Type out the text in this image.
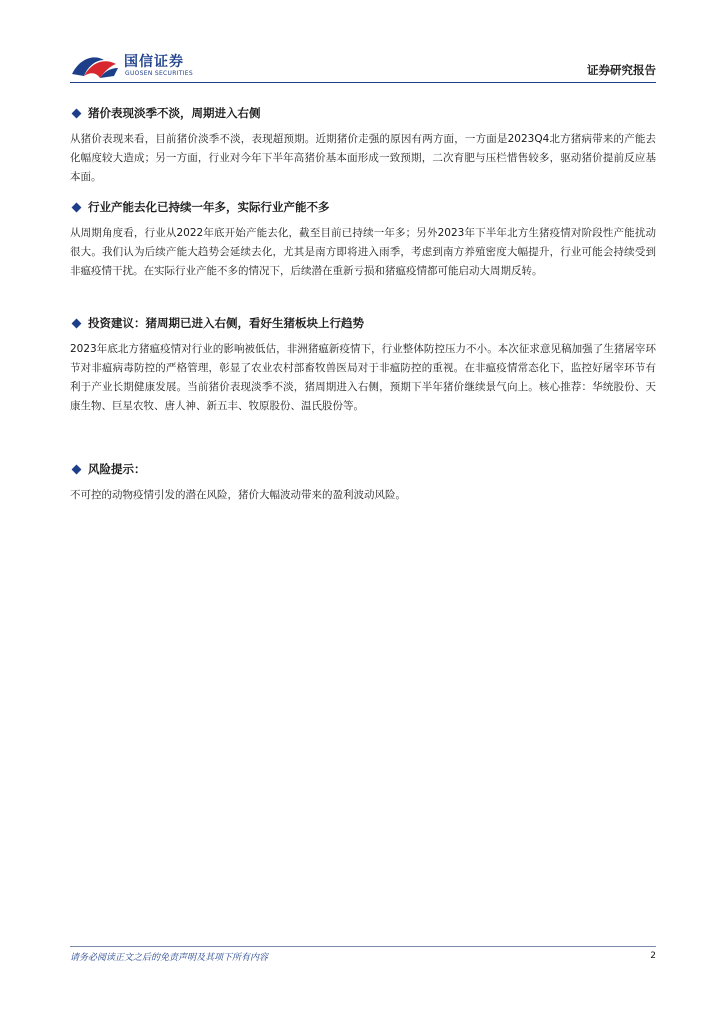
国信证券
GUOSEN SECURITIES	证券研究报告
猪价表现淡季不淡，周期进入右侧
从猪价表现来看，目前猪价淡季不淡，表现超预期。近期猪价走强的原因有两方面，一方面是2023Q4北方猪病带来的产能去化幅度较大造成；另一方面，行业对今年下半年高猪价基本面形成一致预期，二次育肥与压栏惜售较多，驱动猪价提前反应基本面。
行业产能去化已持续一年多，实际行业产能不多
从周期角度看，行业从2022年底开始产能去化，截至目前已持续一年多；另外2023年下半年北方生猪疫情对阶段性产能扰动很大。我们认为后续产能大趋势会延续去化，尤其是南方即将进入雨季，考虑到南方养殖密度大幅提升，行业可能会持续受到非瘟疫情干扰。在实际行业产能不多的情况下，后续潜在重新亏损和猪瘟疫情都可能启动大周期反转。
投资建议：猪周期已进入右侧，看好生猪板块上行趋势
2023年底北方猪瘟疫情对行业的影响被低估，非洲猪瘟新疫情下，行业整体防控压力不小。本次征求意见稿加强了生猪屠宰环节对非瘟病毒防控的严格管理，彰显了农业农村部畜牧兽医局对于非瘟防控的重视。在非瘟疫情常态化下，监控好屠宰环节有利于产业长期健康发展。当前猪价表现淡季不淡，猪周期进入右侧，预期下半年猪价继续景气向上。核心推荐：华统股份、天康生物、巨星农牧、唐人神、新五丰、牧原股份、温氏股份等。
风险提示：
不可控的动物疫情引发的潜在风险，猪价大幅波动带来的盈利波动风险。
请务必阅读正文之后的免责声明及其项下所有内容	2
